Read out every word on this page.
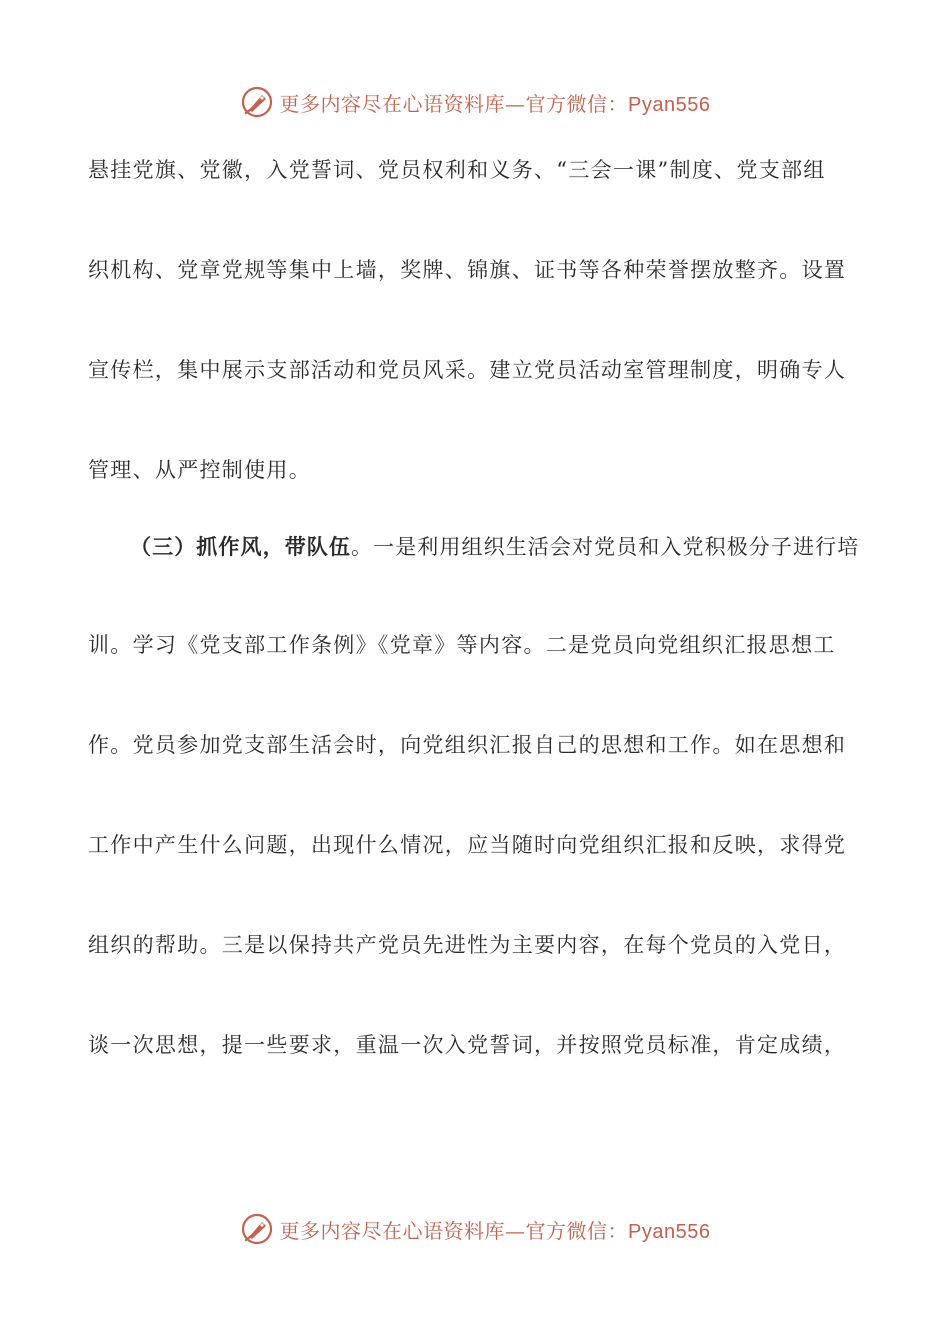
更多内容尽在心语资料库—官方微信：Pyan556
悬挂党旗、党徽，入党誓词、党员权利和义务、“三会一课”制度、党支部组
织机构、党章党规等集中上墙，奖牌、锦旗、证书等各种荣誉摆放整齐。设置
宣传栏，集中展示支部活动和党员风采。建立党员活动室管理制度，明确专人
管理、从严控制使用。
（三）抓作风，带队伍。一是利用组织生活会对党员和入党积极分子进行培
训。学习《党支部工作条例》《党章》等内容。二是党员向党组织汇报思想工
作。党员参加党支部生活会时，向党组织汇报自己的思想和工作。如在思想和
工作中产生什么问题，出现什么情况，应当随时向党组织汇报和反映，求得党
组织的帮助。三是以保持共产党员先进性为主要内容，在每个党员的入党日，
谈一次思想，提一些要求，重温一次入党誓词，并按照党员标准，肯定成绩，
更多内容尽在心语资料库—官方微信：Pyan556
